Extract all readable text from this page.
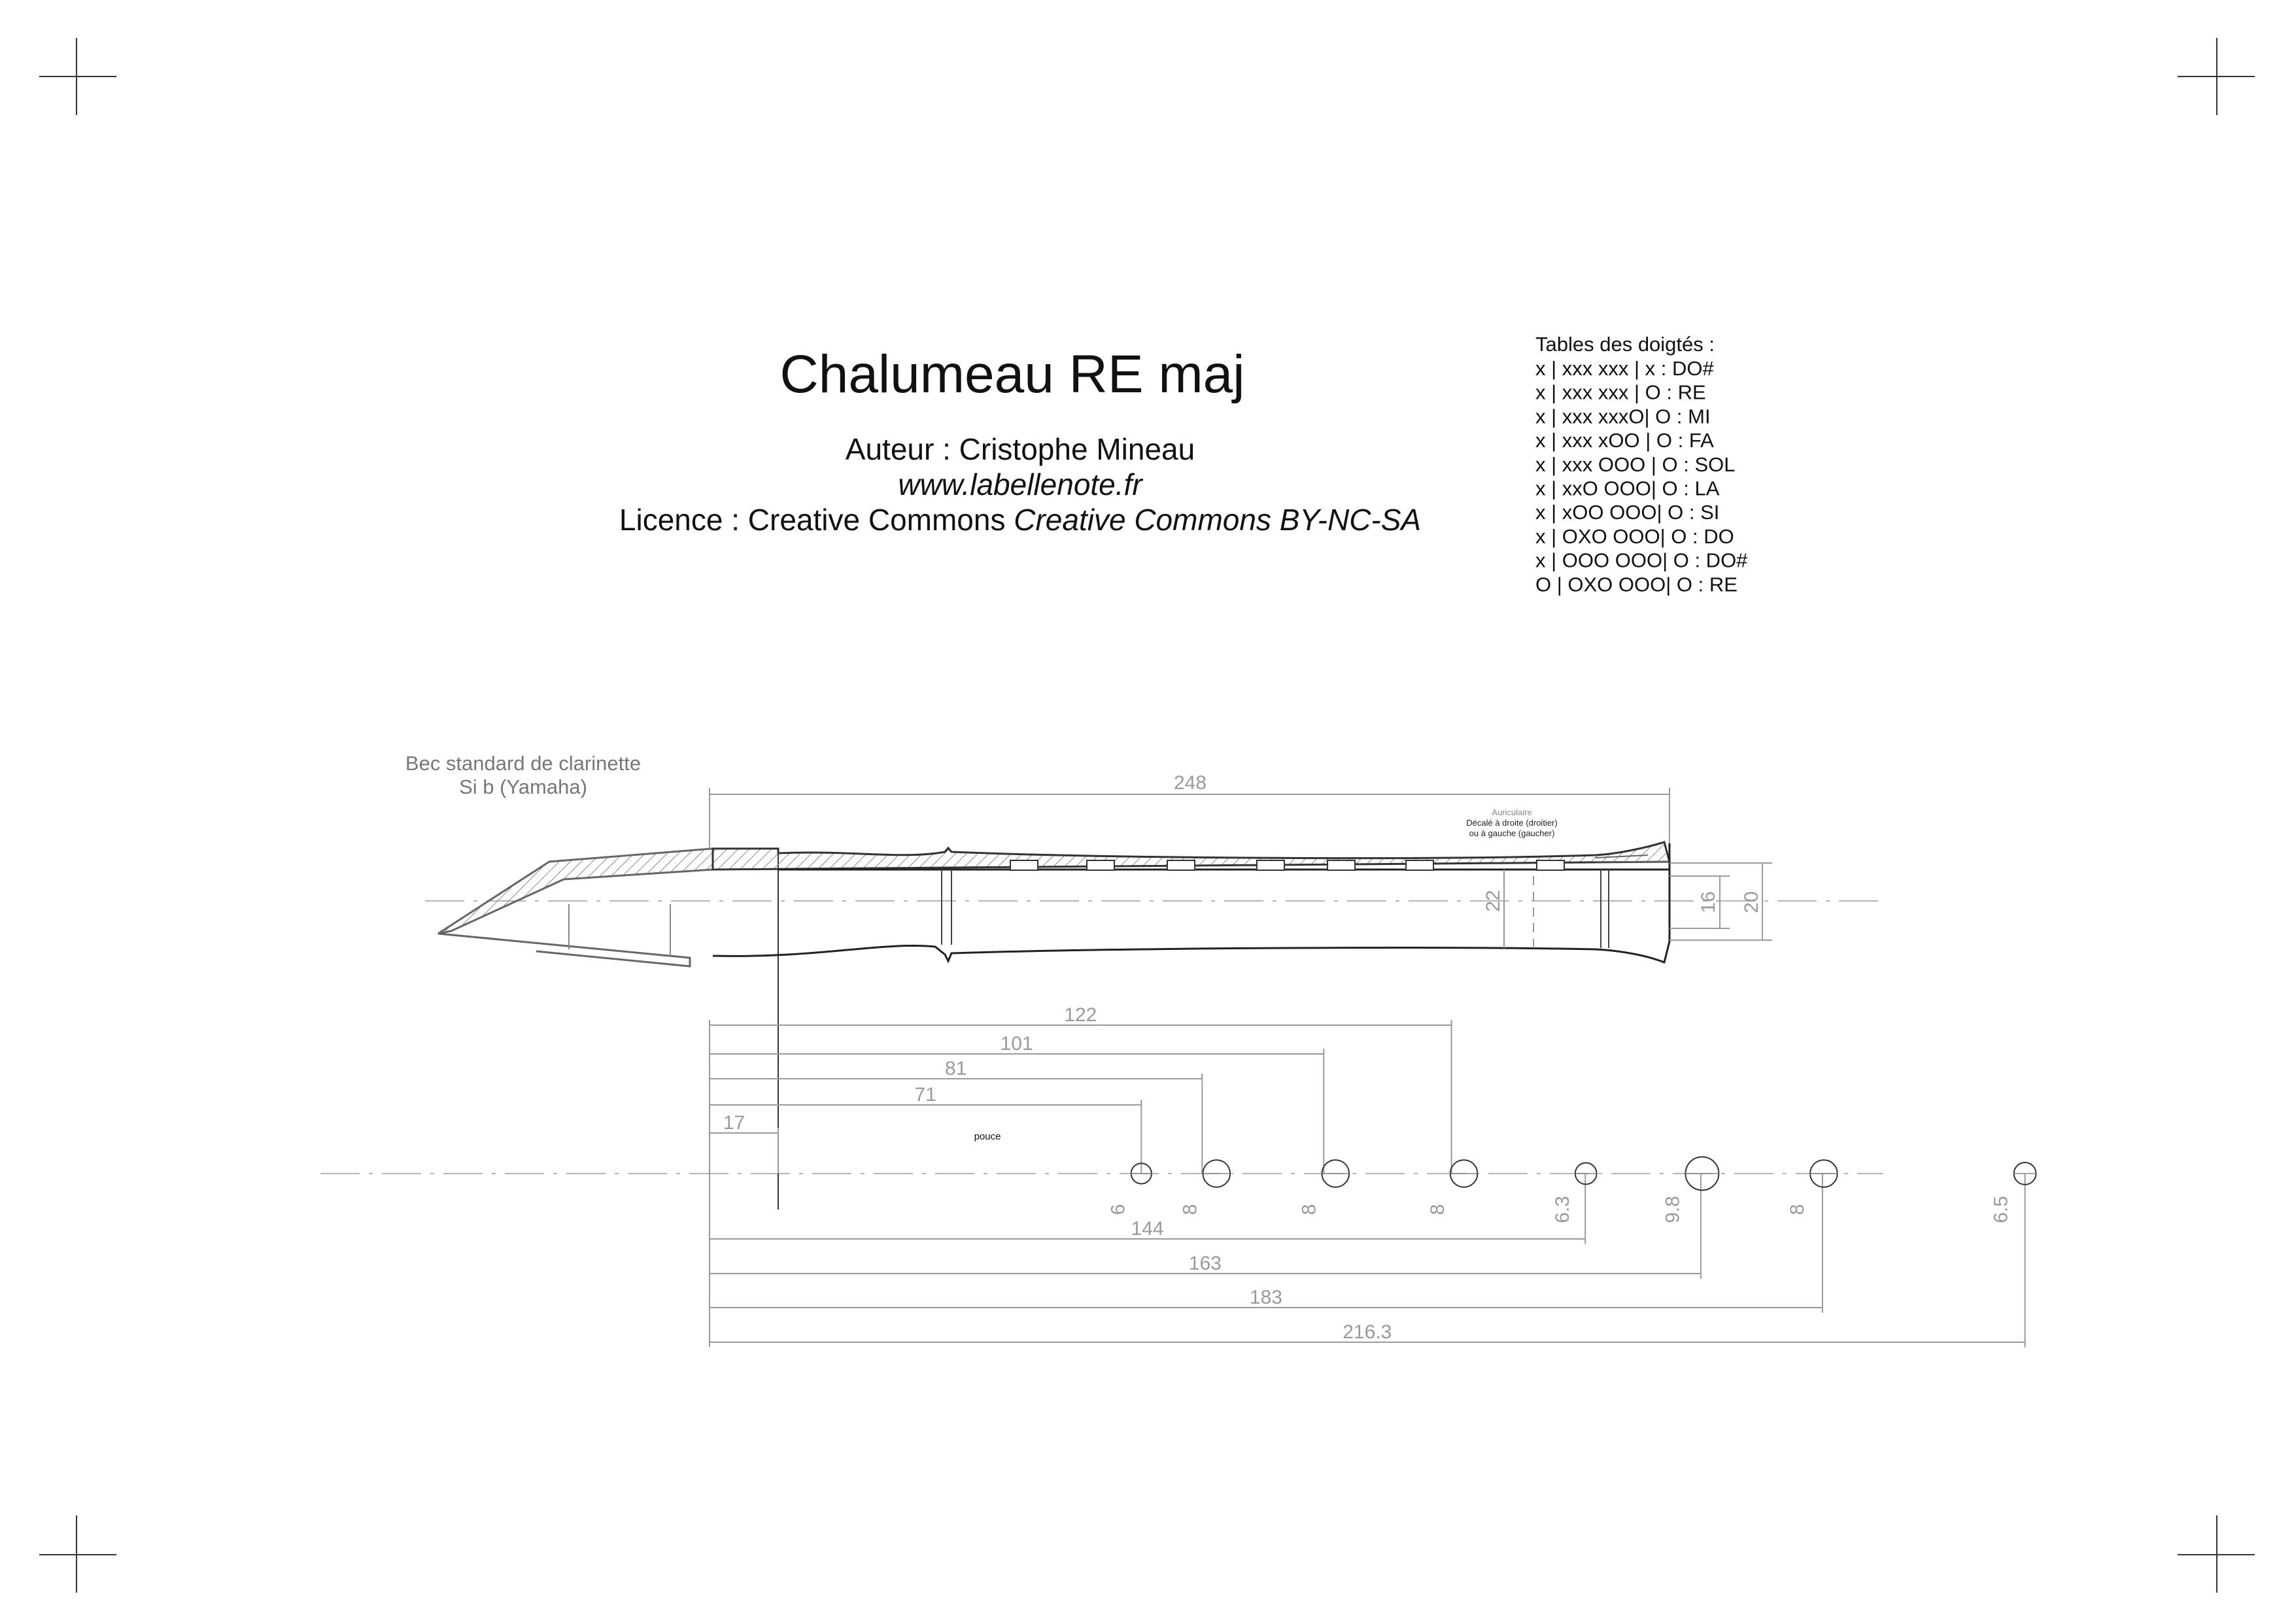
Chalumeau RE maj
Auteur : Cristophe Mineau
www.labellenote.fr
Licence : Creative Commons Creative Commons BY-NC-SA
Tables des doigtés :
x | xxx xxx | x : DO#
x | xxx xxx | O : RE
x | xxx xxxO| O : MI
x | xxx xOO | O : FA
x | xxx OOO | O : SOL
x | xxO OOO| O : LA
x | xOO OOO| O : SI
x | OXO OOO| O : DO
x | OOO OOO| O : DO#
O | OXO OOO| O : RE
Bec standard de clarinette
Si b (Yamaha)
Auriculaire
Décalé à droite (droitier)
ou à gauche (gaucher)
248
22	16 20
pouce
122
101
81
71
17
144
163
183
216.3
6	8	8	8	6.3	9.8	8	6.5
